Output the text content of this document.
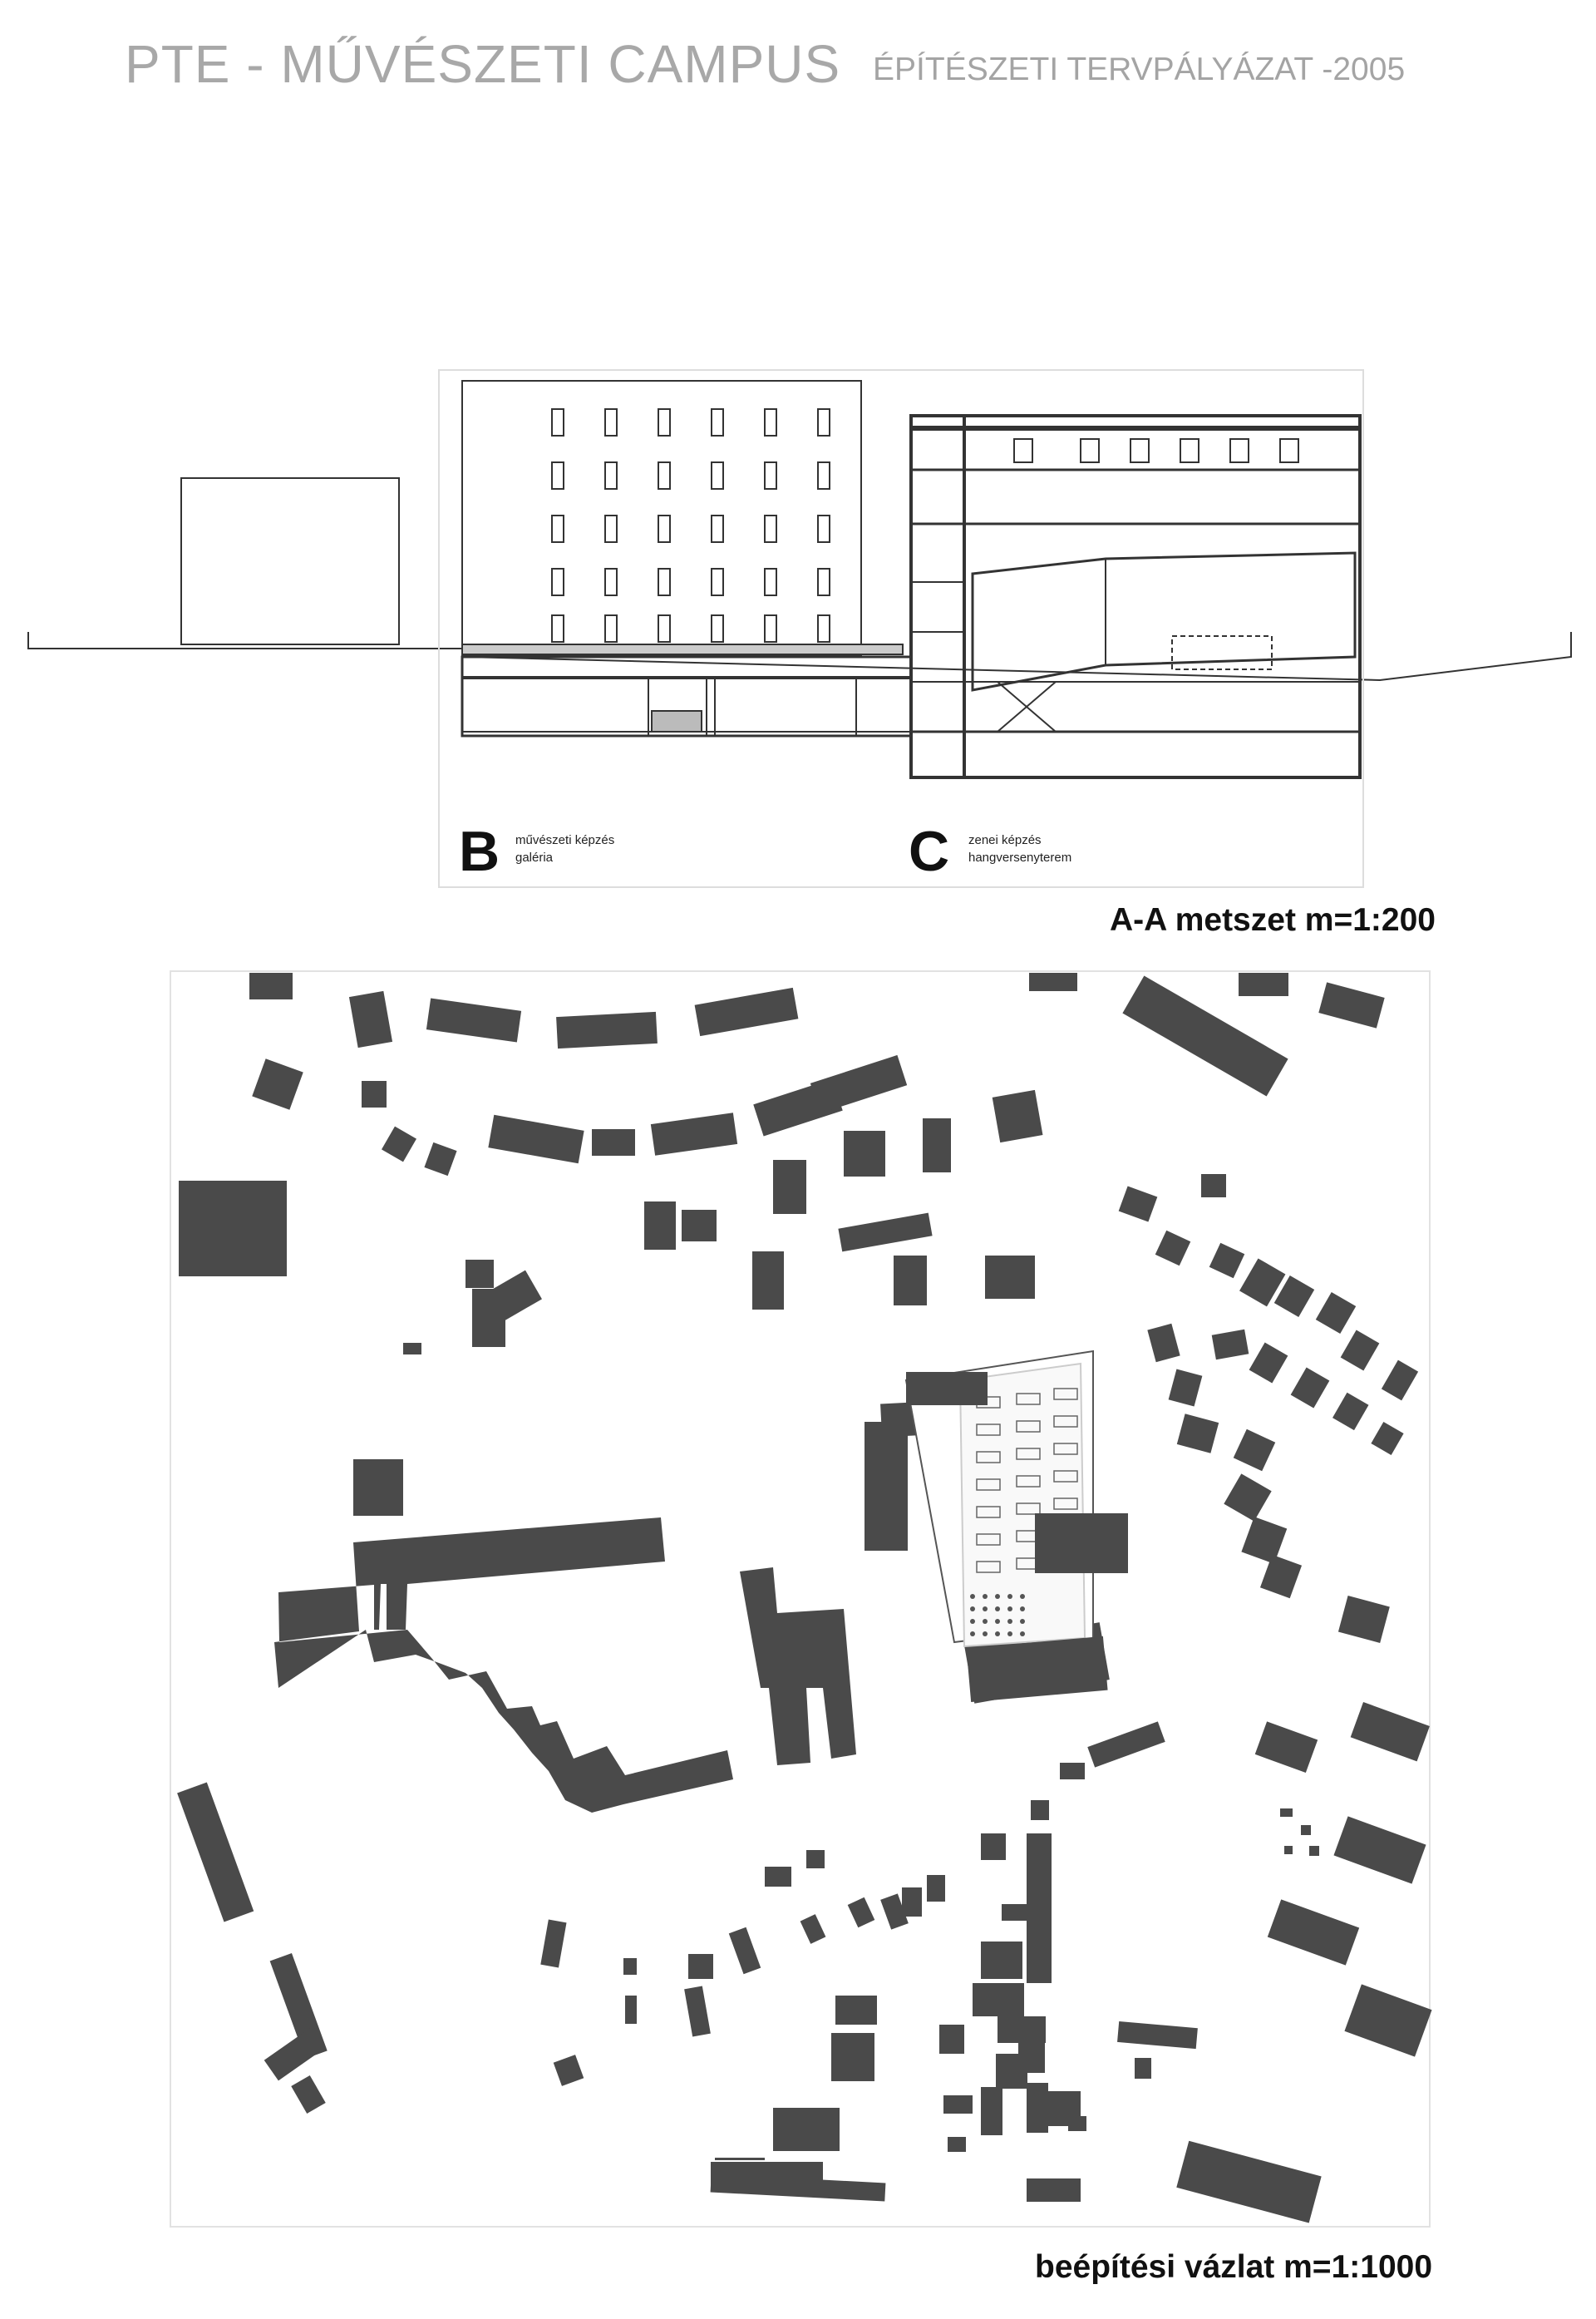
PTE - MŰVÉSZETI CAMPUS ÉPÍTÉSZETI TERVPÁLYÁZAT -2005
B művészeti képzés
galéria	C zenei képzés
hangversenyterem
A-A metszet m=1:200
beépítési vázlat m=1:1000
